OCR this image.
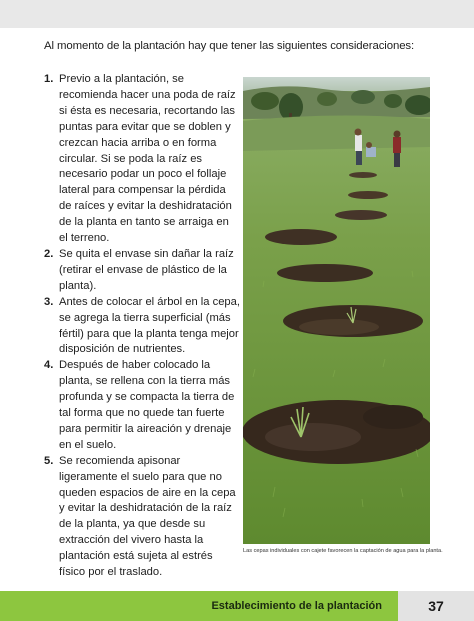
Al momento de la plantación hay que tener las siguientes consideraciones:

1. Previo a la plantación, se recomienda hacer una poda de raíz si ésta es necesaria, recortando las puntas para evitar que se doblen y crezcan hacia arriba o en forma circular. Si se poda la raíz es necesario podar un poco el follaje lateral para compensar la pérdida de raíces y evitar la deshidratación de la planta en tanto se arraiga en el terreno.
2. Se quita el envase sin dañar la raíz (retirar el envase de plástico de la planta).
3. Antes de colocar el árbol en la cepa, se agrega la tierra superficial (más fértil) para que la planta tenga mejor disposición de nutrientes.
4. Después de haber colocado la planta, se rellena con la tierra más profunda y se compacta la tierra de tal forma que no quede tan fuerte para permitir la aireación y drenaje en el suelo.
5. Se recomienda apisonar ligeramente el suelo para que no queden espacios de aire en la cepa y evitar la deshidratación de la raíz de la planta, ya que desde su extracción del vivero hasta la plantación está sujeta al estrés físico por el traslado.

Las cepas individuales con cajete favorecen la captación de agua para la planta.

Establecimiento de la plantación	37
